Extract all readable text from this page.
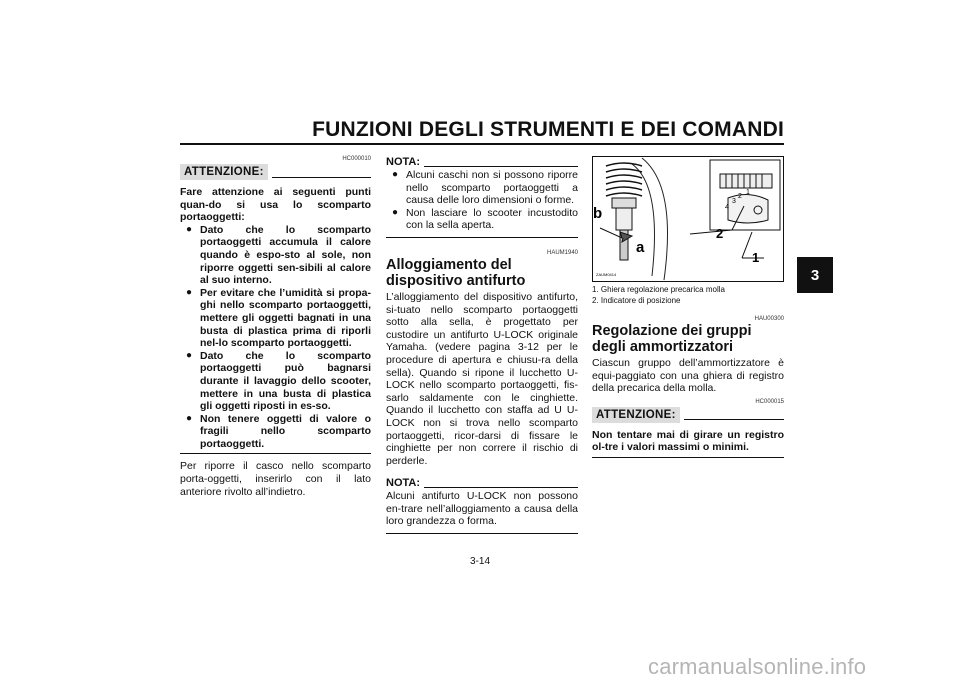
FUNZIONI DEGLI STRUMENTI E DEI COMANDI
3
HC000010
ATTENZIONE:
Fare attenzione ai seguenti punti quan-do si usa lo scomparto portaoggetti:
● Dato che lo scomparto portaoggetti accumula il calore quando è espo-sto al sole, non riporre oggetti sen-sibili al calore al suo interno.
● Per evitare che l’umidità si propa-ghi nello scomparto portaoggetti, mettere gli oggetti bagnati in una busta di plastica prima di riporli nel-lo scomparto portaoggetti.
● Dato che lo scomparto portaoggetti può bagnarsi durante il lavaggio dello scooter, mettere in una busta di plastica gli oggetti riposti in es-so.
● Non tenere oggetti di valore o fragili nello scomparto portaoggetti.
Per riporre il casco nello scomparto porta-oggetti, inserirlo con il lato anteriore rivolto all’indietro.
NOTA:
● Alcuni caschi non si possono riporre nello scomparto portaoggetti a causa delle loro dimensioni o forme.
● Non lasciare lo scooter incustodito con la sella aperta.
HAUM1940
Alloggiamento del dispositivo antifurto
L’alloggiamento del dispositivo antifurto, si-tuato nello scomparto portaoggetti sotto alla sella, è progettato per custodire un antifurto U-LOCK originale Yamaha. (vedere pagina 3-12 per le procedure di apertura e chiusu-ra della sella). Quando si ripone il lucchetto U-LOCK nello scomparto portaoggetti, fis-sarlo saldamente con le cinghiette. Quando il lucchetto con staffa ad U U-LOCK non si trova nello scomparto portaoggetti, ricor-darsi di fissare le cinghiette per non correre il rischio di perderle.
NOTA:
Alcuni antifurto U-LOCK non possono en-trare nell’alloggiamento a causa della loro grandezza o forma.
b
a
2
1
1
2
3
4
ZAUM0414
1. Ghiera regolazione precarica molla
2. Indicatore di posizione
HAU00300
Regolazione dei gruppi degli ammortizzatori
Ciascun gruppo dell’ammortizzatore è equi-paggiato con una ghiera di registro della precarica della molla.
HC000015
ATTENZIONE:
Non tentare mai di girare un registro ol-tre i valori massimi o minimi.
3-14
carmanualsonline.info
